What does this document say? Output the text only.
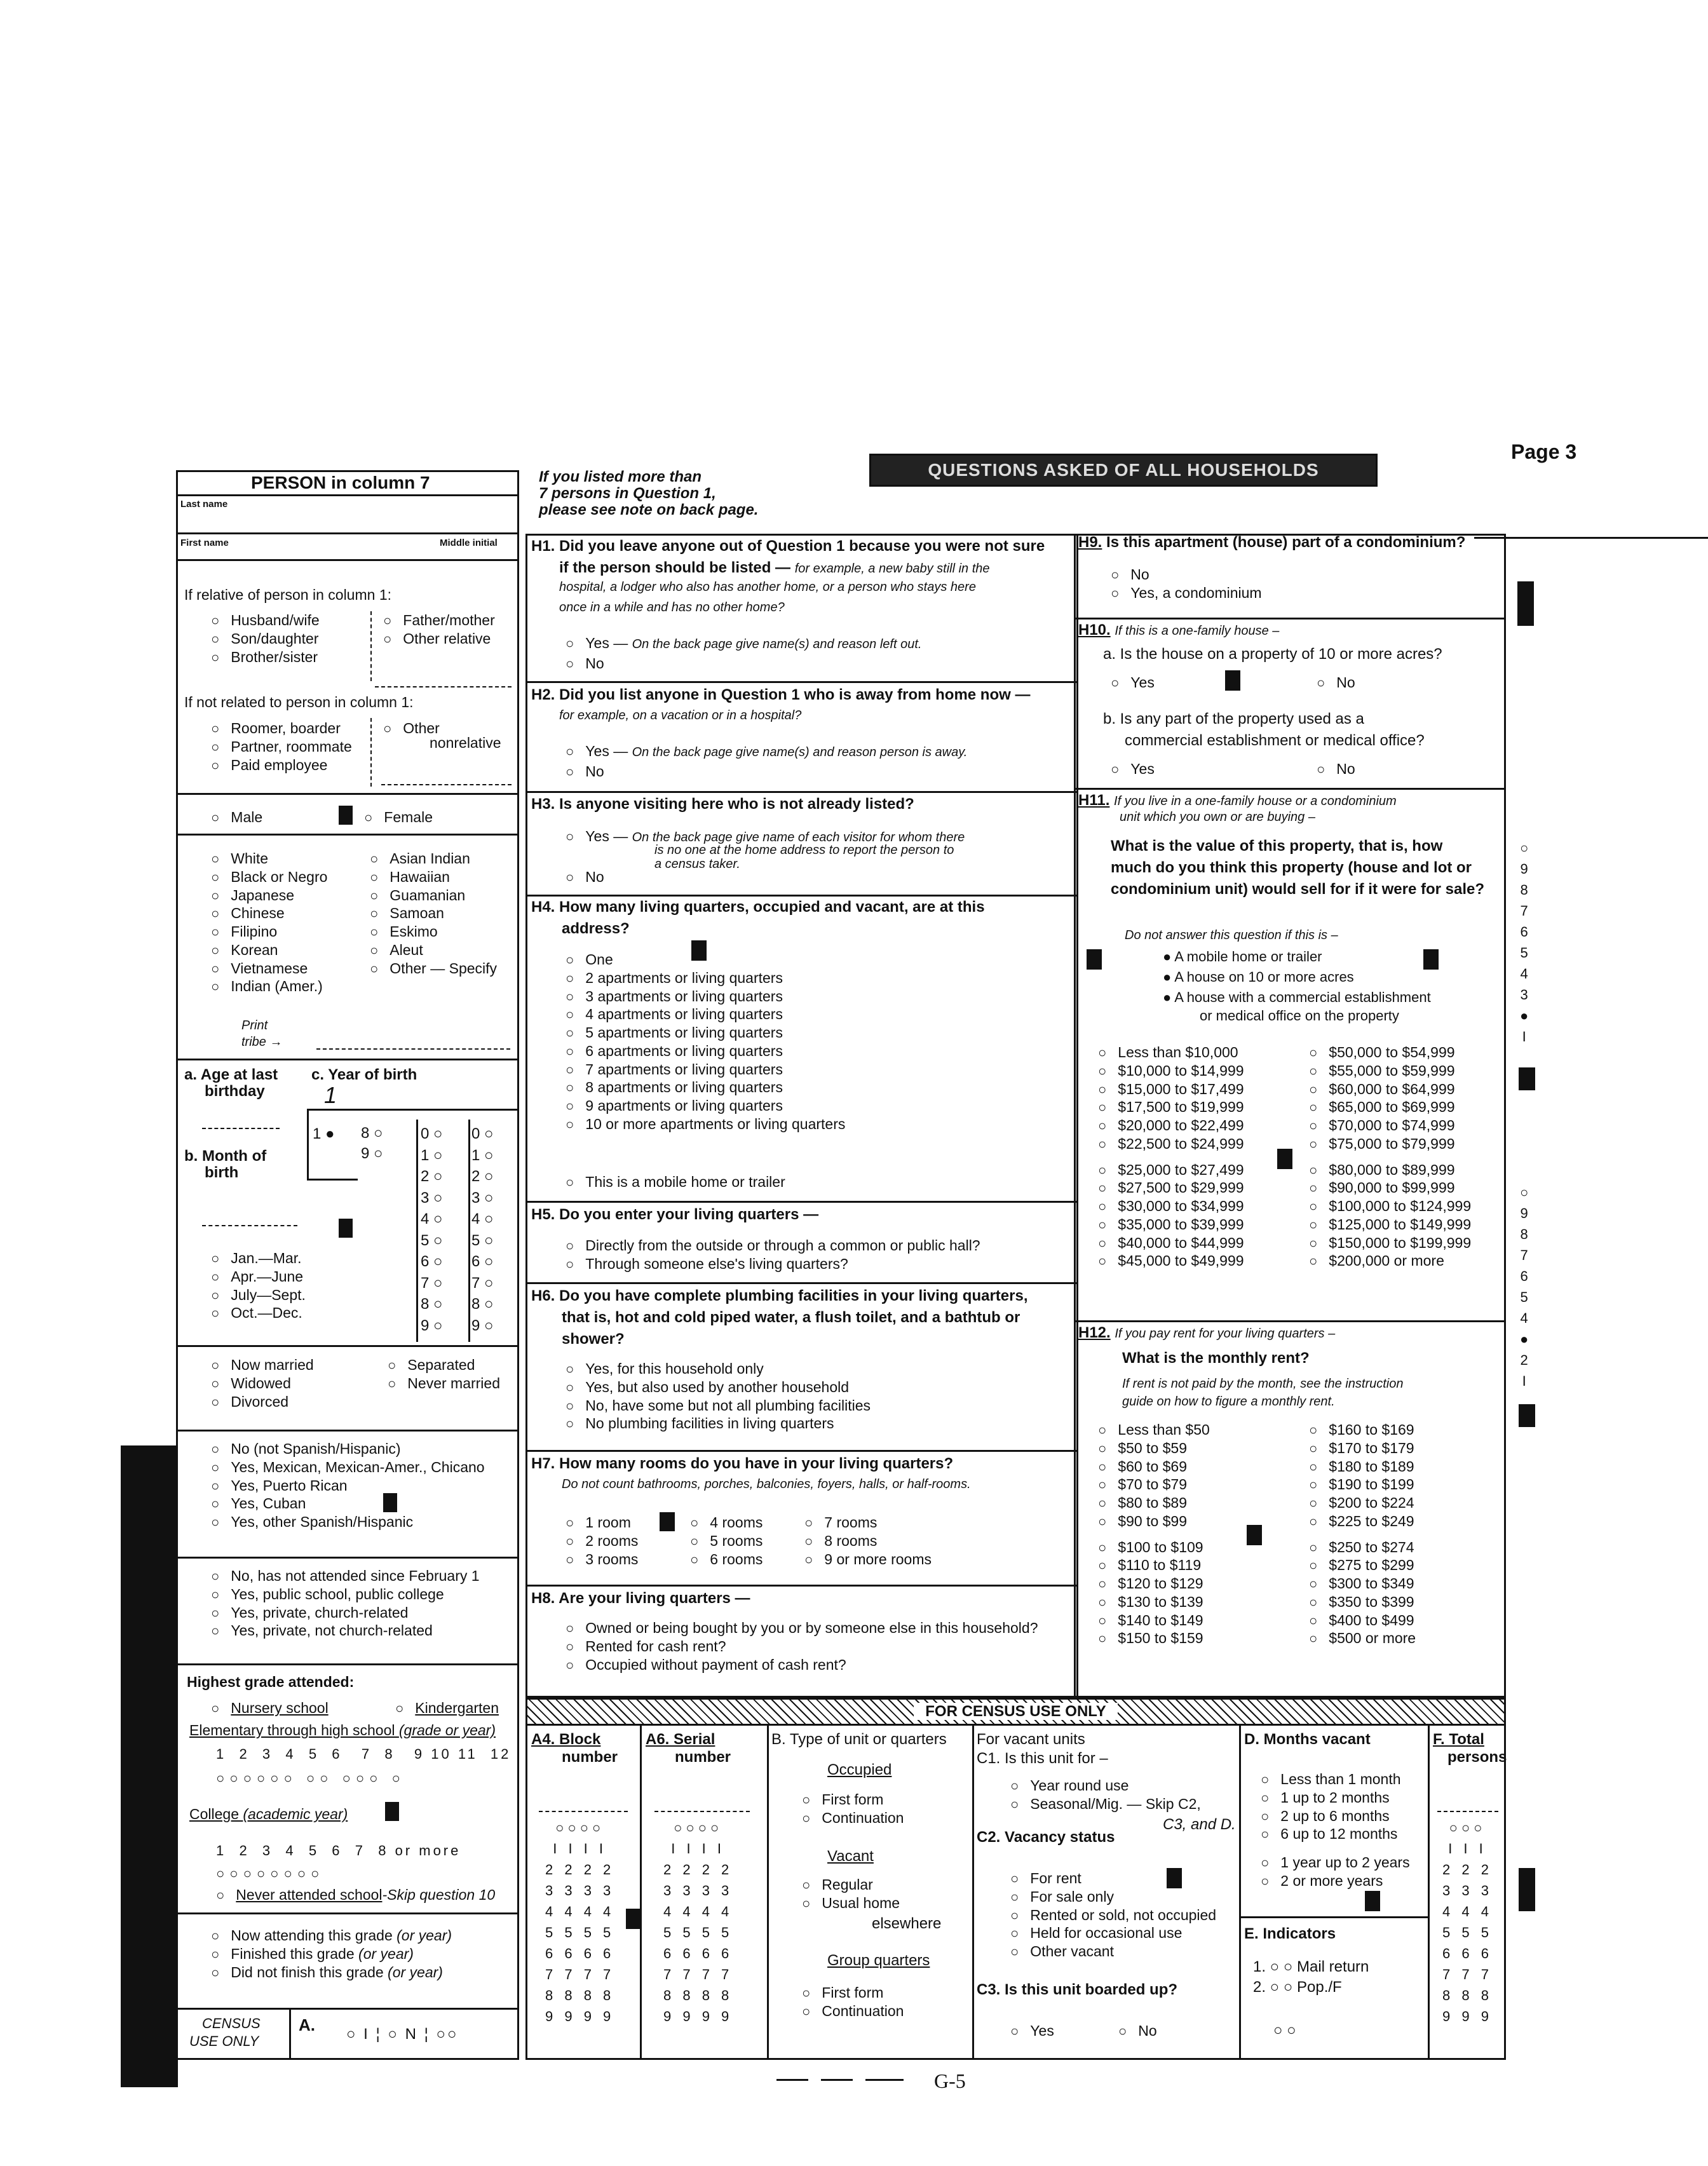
Page 3
PERSON in column 7
Last name
First name	Middle initial
If relative of person in column 1:
○ Husband/wife
○ Son/daughter
○ Brother/sister
○ Father/mother
○ Other relative
If not related to person in column 1:
○ Roomer, boarder
○ Partner, roommate
○ Paid employee
○ Other
nonrelative
○ Male	○ Female
○ White
○ Black or Negro
○ Japanese
○ Chinese
○ Filipino
○ Korean
○ Vietnamese
○ Indian (Amer.)
○ Asian Indian
○ Hawaiian
○ Guamanian
○ Samoan
○ Eskimo
○ Aleut
○ Other — Specify
Print
tribe →
a. Age at last
birthday
c. Year of birth
1
1 ● 8 ○
9 ○
0 ○
1 ○
2 ○
3 ○
4 ○
5 ○
6 ○
7 ○
8 ○
9 ○
0 ○
1 ○
2 ○
3 ○
4 ○
5 ○
6 ○
7 ○
8 ○
9 ○
b. Month of
birth
○ Jan.—Mar.
○ Apr.—June
○ July—Sept.
○ Oct.—Dec.
○ Now married
○ Widowed
○ Divorced
○ Separated
○ Never married
○ No (not Spanish/Hispanic)
○ Yes, Mexican, Mexican-Amer., Chicano
○ Yes, Puerto Rican
○ Yes, Cuban
○ Yes, other Spanish/Hispanic
○ No, has not attended since February 1
○ Yes, public school, public college
○ Yes, private, church-related
○ Yes, private, not church-related
Highest grade attended:
○ Nursery school	○ Kindergarten
Elementary through high school (grade or year)
1  2  3  4  5  6   7  8   9 10 11  12
○○○○○○ ○○ ○○○ ○
College (academic year)
1  2  3  4  5  6  7  8 or more
○○○○○○○○
○ Never attended school-Skip question 10
○ Now attending this grade (or year)
○ Finished this grade (or year)
○ Did not finish this grade (or year)
CENSUS
USE ONLY
A. ○ I ¦ ○ N ¦ ○○
If you listed more than
7 persons in Question 1,
please see note on back page.
QUESTIONS ASKED OF ALL HOUSEHOLDS
H1. Did you leave anyone out of Question 1 because you were not sure
if the person should be listed — for example, a new baby still in the
hospital, a lodger who also has another home, or a person who stays here
once in a while and has no other home?
○ Yes — On the back page give name(s) and reason left out.
○ No
H2. Did you list anyone in Question 1 who is away from home now —
for example, on a vacation or in a hospital?
○ Yes — On the back page give name(s) and reason person is away.
○ No
H3. Is anyone visiting here who is not already listed?
○ Yes — On the back page give name of each visitor for whom there
is no one at the home address to report the person to
a census taker.
○ No
H4. How many living quarters, occupied and vacant, are at this
address?
○ One
○ 2 apartments or living quarters
○ 3 apartments or living quarters
○ 4 apartments or living quarters
○ 5 apartments or living quarters
○ 6 apartments or living quarters
○ 7 apartments or living quarters
○ 8 apartments or living quarters
○ 9 apartments or living quarters
○ 10 or more apartments or living quarters
○ This is a mobile home or trailer
H5. Do you enter your living quarters —
○ Directly from the outside or through a common or public hall?
○ Through someone else's living quarters?
H6. Do you have complete plumbing facilities in your living quarters,
that is, hot and cold piped water, a flush toilet, and a bathtub or
shower?
○ Yes, for this household only
○ Yes, but also used by another household
○ No, have some but not all plumbing facilities
○ No plumbing facilities in living quarters
H7. How many rooms do you have in your living quarters?
Do not count bathrooms, porches, balconies, foyers, halls, or half-rooms.
○ 1 room
○ 2 rooms
○ 3 rooms
○ 4 rooms
○ 5 rooms
○ 6 rooms
○ 7 rooms
○ 8 rooms
○ 9 or more rooms
H8. Are your living quarters —
○ Owned or being bought by you or by someone else in this household?
○ Rented for cash rent?
○ Occupied without payment of cash rent?
H9. Is this apartment (house) part of a condominium?
○ No
○ Yes, a condominium
H10. If this is a one-family house –
a. Is the house on a property of 10 or more acres?
○ Yes	○ No
b. Is any part of the property used as a
commercial establishment or medical office?
○ Yes	○ No
H11. If you live in a one-family house or a condominium
unit which you own or are buying –
What is the value of this property, that is, how
much do you think this property (house and lot or
condominium unit) would sell for if it were for sale?
Do not answer this question if this is –
● A mobile home or trailer
● A house on 10 or more acres
● A house with a commercial establishment
or medical office on the property
○ Less than $10,000
○ $10,000 to $14,999
○ $15,000 to $17,499
○ $17,500 to $19,999
○ $20,000 to $22,499
○ $22,500 to $24,999
○ $25,000 to $27,499
○ $27,500 to $29,999
○ $30,000 to $34,999
○ $35,000 to $39,999
○ $40,000 to $44,999
○ $45,000 to $49,999
○ $50,000 to $54,999
○ $55,000 to $59,999
○ $60,000 to $64,999
○ $65,000 to $69,999
○ $70,000 to $74,999
○ $75,000 to $79,999
○ $80,000 to $89,999
○ $90,000 to $99,999
○ $100,000 to $124,999
○ $125,000 to $149,999
○ $150,000 to $199,999
○ $200,000 or more
H12. If you pay rent for your living quarters –
What is the monthly rent?
If rent is not paid by the month, see the instruction
guide on how to figure a monthly rent.
○ Less than $50
○ $50 to $59
○ $60 to $69
○ $70 to $79
○ $80 to $89
○ $90 to $99
○ $100 to $109
○ $110 to $119
○ $120 to $129
○ $130 to $139
○ $140 to $149
○ $150 to $159
○ $160 to $169
○ $170 to $179
○ $180 to $189
○ $190 to $199
○ $200 to $224
○ $225 to $249
○ $250 to $274
○ $275 to $299
○ $300 to $349
○ $350 to $399
○ $400 to $499
○ $500 or more
○
9
8
7
6
5
4
3
●
I
○
9
8
7
6
5
4
●
2
I
FOR CENSUS USE ONLY
A4. Block
number
○○○○
I I I I
2 2 2 2
3 3 3 3
4 4 4 4
5 5 5 5
6 6 6 6
7 7 7 7
8 8 8 8
9 9 9 9
A6. Serial
number
○○○○
I I I I
2 2 2 2
3 3 3 3
4 4 4 4
5 5 5 5
6 6 6 6
7 7 7 7
8 8 8 8
9 9 9 9
B. Type of unit or quarters
Occupied
○ First form
○ Continuation
Vacant
○ Regular
○ Usual home
elsewhere
Group quarters
○ First form
○ Continuation
For vacant units
C1. Is this unit for –
○ Year round use
○ Seasonal/Mig. — Skip C2,
C3, and D.
C2. Vacancy status
○ For rent
○ For sale only
○ Rented or sold, not occupied
○ Held for occasional use
○ Other vacant
C3. Is this unit boarded up?
○ Yes	○ No
D. Months vacant
○ Less than 1 month
○ 1 up to 2 months
○ 2 up to 6 months
○ 6 up to 12 months
○ 1 year up to 2 years
○ 2 or more years
E. Indicators
1. ○ ○ Mail return
2. ○ ○ Pop./F
○ ○
F. Total
persons
○○○
I I I
2 2 2
3 3 3
4 4 4
5 5 5
6 6 6
7 7 7
8 8 8
9 9 9
G-5
